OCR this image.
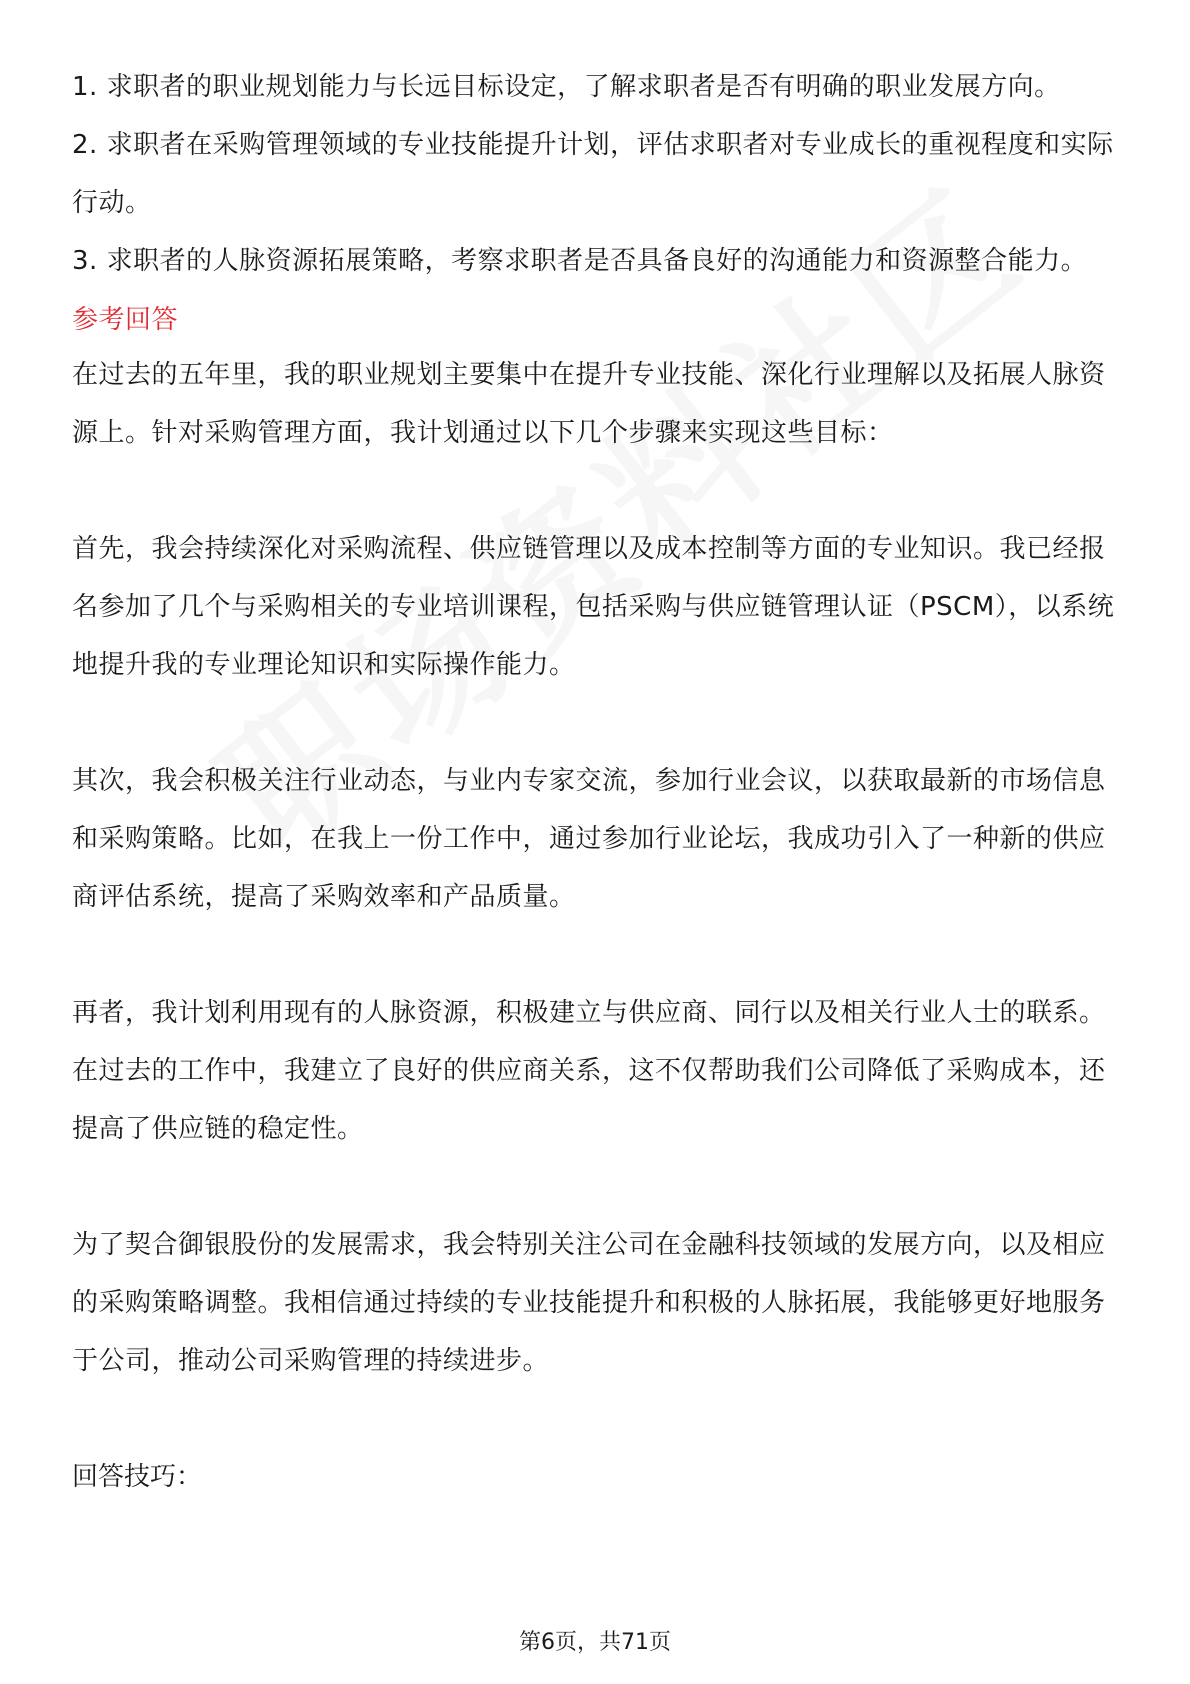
1. 求职者的职业规划能力与长远目标设定，了解求职者是否有明确的职业发展方向。

2. 求职者在采购管理领域的专业技能提升计划，评估求职者对专业成长的重视程度和实际行动。

3. 求职者的人脉资源拓展策略，考察求职者是否具备良好的沟通能力和资源整合能力。

参考回答

在过去的五年里，我的职业规划主要集中在提升专业技能、深化行业理解以及拓展人脉资源上。针对采购管理方面，我计划通过以下几个步骤来实现这些目标：

首先，我会持续深化对采购流程、供应链管理以及成本控制等方面的专业知识。我已经报名参加了几个与采购相关的专业培训课程，包括采购与供应链管理认证（PSCM），以系统地提升我的专业理论知识和实际操作能力。

其次，我会积极关注行业动态，与业内专家交流，参加行业会议，以获取最新的市场信息和采购策略。比如，在我上一份工作中，通过参加行业论坛，我成功引入了一种新的供应商评估系统，提高了采购效率和产品质量。

再者，我计划利用现有的人脉资源，积极建立与供应商、同行以及相关行业人士的联系。在过去的工作中，我建立了良好的供应商关系，这不仅帮助我们公司降低了采购成本，还提高了供应链的稳定性。

为了契合御银股份的发展需求，我会特别关注公司在金融科技领域的发展方向，以及相应的采购策略调整。我相信通过持续的专业技能提升和积极的人脉拓展，我能够更好地服务于公司，推动公司采购管理的持续进步。

回答技巧：

第6页，共71页
